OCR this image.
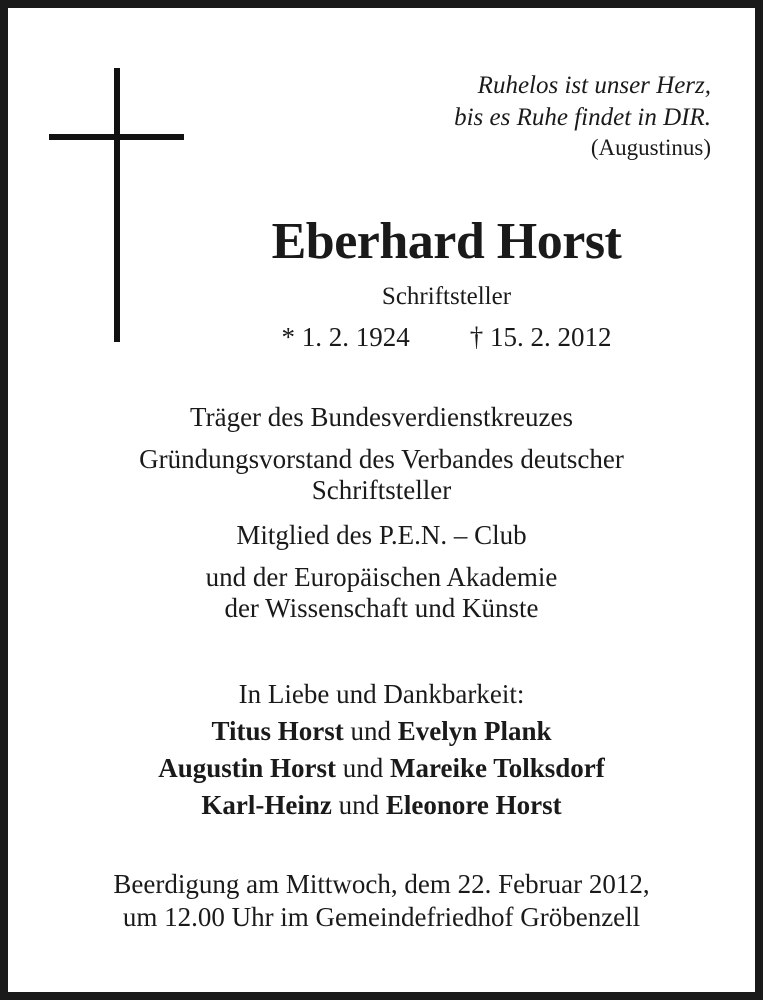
Ruhelos ist unser Herz,
bis es Ruhe findet in DIR.
(Augustinus)
Eberhard Horst
Schriftsteller
* 1. 2. 1924 † 15. 2. 2012
Träger des Bundesverdienstkreuzes
Gründungsvorstand des Verbandes deutscher
Schriftsteller
Mitglied des P.E.N. – Club
und der Europäischen Akademie
der Wissenschaft und Künste
In Liebe und Dankbarkeit:
Titus Horst und Evelyn Plank
Augustin Horst und Mareike Tolksdorf
Karl-Heinz und Eleonore Horst
Beerdigung am Mittwoch, dem 22. Februar 2012,
um 12.00 Uhr im Gemeindefriedhof Gröbenzell
